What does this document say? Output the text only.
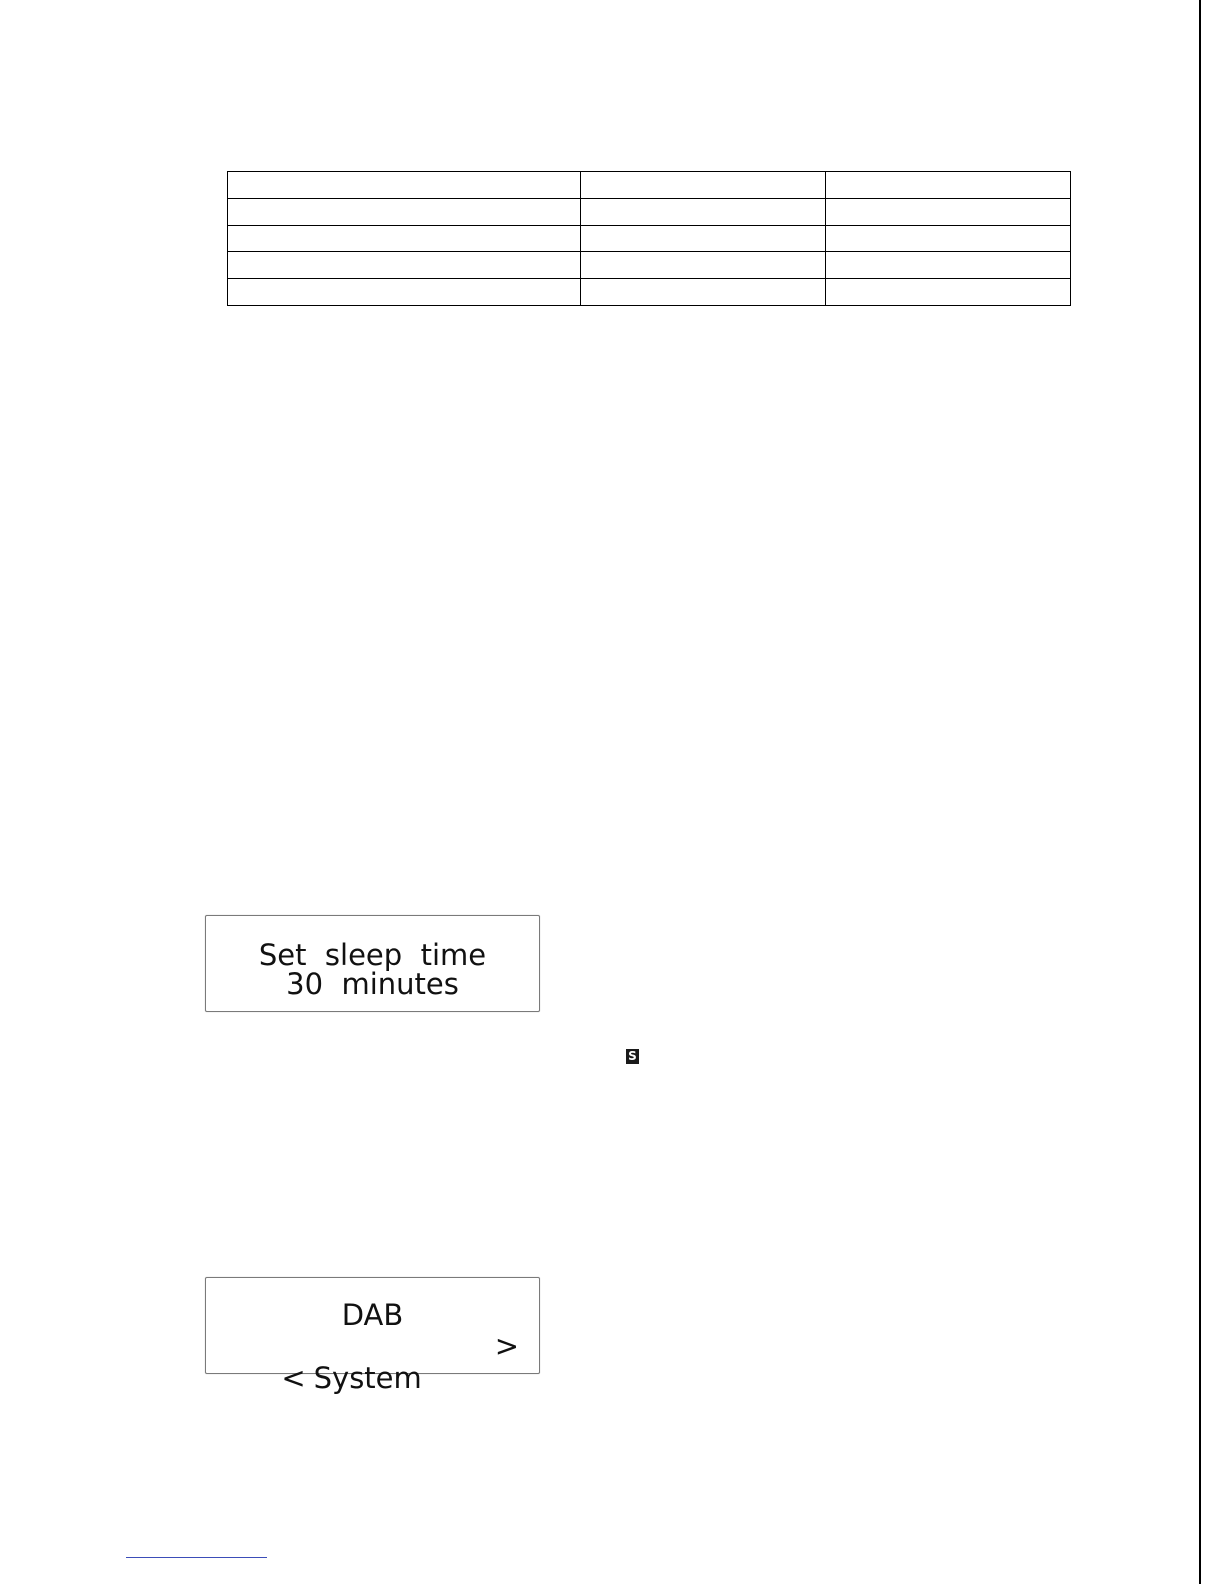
Set  sleep  time
30  minutes
S
DAB

< System

>
